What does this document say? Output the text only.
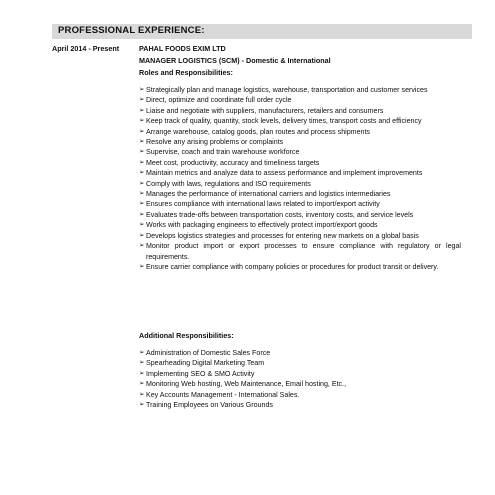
PROFESSIONAL EXPERIENCE:
April 2014 - Present	PAHAL FOODS EXIM LTD
MANAGER LOGISTICS (SCM) - Domestic & International
Roles and Responsibilities:
➢ Strategically plan and manage logistics, warehouse, transportation and customer services
➢ Direct, optimize and coordinate full order cycle
➢ Liaise and negotiate with suppliers, manufacturers, retailers and consumers
➢ Keep track of quality, quantity, stock levels, delivery times, transport costs and efficiency
➢ Arrange warehouse, catalog goods, plan routes and process shipments
➢ Resolve any arising problems or complaints
➢ Supervise, coach and train warehouse workforce
➢ Meet cost, productivity, accuracy and timeliness targets
➢ Maintain metrics and analyze data to assess performance and implement improvements
➢ Comply with laws, regulations and ISO requirements
➢ Manages the performance of international carriers and logistics intermediaries
➢ Ensures compliance with international laws related to import/export activity
➢ Evaluates trade-offs between transportation costs, inventory costs, and service levels
➢ Works with packaging engineers to effectively protect import/export goods
➢ Develops logistics strategies and processes for entering new markets on a global basis
➢ Monitor product import or export processes to ensure compliance with regulatory or legal requirements.
➢ Ensure carrier compliance with company policies or procedures for product transit or delivery.
Additional Responsibilities:
➢ Administration of Domestic Sales Force
➢ Spearheading Digital Marketing Team
➢ Implementing SEO & SMO Activity
➢ Monitoring Web hosting, Web Maintenance, Email hosting, Etc.,
➢ Key Accounts Management - International Sales.
➢ Training Employees on Various Grounds
